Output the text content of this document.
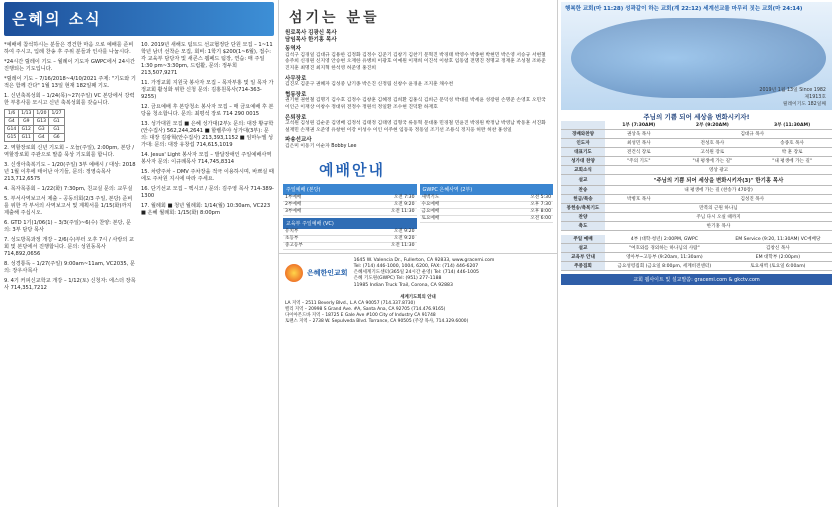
은혜의 소식
*예배에 참석하시는 분들은 경건한 마음 으로 예배를 준비하여 주시고, 입례 찬송 후 주위 분들과 인사를 나눕시다.
*24시간 릴레이 기도 – 월례이 기도자 GWPC에서 24시간 진행되는 기도입니다.
*릴레이 기도 – 7/16/2018~4/10/2021 주제: "기도와 기적은 함께 간다" 1월 13일 현재 182일째 기도.
1. 신년축복성회 – 1/24(목)~27(주일) VC 본당에서 강력한 부흥사를 모시고 신년 축복성회를 갖습니다.
1/6	1/13	1/20	1/27
G4	G9	G13	G1
G14	G12	G3	G1
G15	G11	G4	G6
2. 역할장로회 신년 기도회 – 오늘(주일), 2:00pm, 본당 / 역할장로회 주관으로 말씀 묵상 기도회를 합니다.
3. 신생아축복기도 – 1/20(주일) 3부 예배시 / 대상: 2018년 1월 이후에 태어난 아기들, 문의: 정영숙목사 213,712,6575
4. 목자목종회 – 1/22(화) 7:30pm, 친교실 문의: 교무실
5. 부서사역보고서 제출 – 공동의회(2/3 주일, 본당) 준비를 위한 각 부서의 사역보고서 및 계획서를 1/15(화)까지 제출해 주십시오.
6. GTD 1기(1/06(1) – 3/3(주일)~6(수) 찬양: 본당, 문의: 3부 담당 목사
7. 성도방목과정 개강 – 2/6(수)부터 오후 7시 / 사랑의 교회 및 본당에서 진행합니다. 문의: 성원동목사 714,892,0656
8. 성경통독 – 1/27(주일) 9:00am~11am, VC2035, 문의: 장우사목사
9. 4기 커피신교학교 개강 – 1/12(토) 신청자: 에스더 장목사 714,351,7212
10. 2019년 새해도 팀트드 선교협정단 단원 모집 – 1~11학년 남녀 선착순 모집, 회비: 1학기 $200(1~6월), 접수: 각 교육부 담당자 및 새콘스 웹페드 팀장, 연습: 매 주일 1:30 pm~3:30pm, 드럼활, 문의: 정두희 213,507,9271
11. 가정교회 지원국 봉사자 모집 – 목자부홍 및 일 목자 가정교회 활성화 위한 신청 문의: 김홍원목사(714-363-9255)
12. 금요예배 후 본당청소 봉사자 모집 – 매 금요예배 후 본당을 청소합니다. 문의: 최평석 장로 714 290 0015
13. 성가대원 모집 ■ 은혜 성가대(2부): 문의: 대장 황규학(안수집사) 562,244,2641 ■ 할렐루야 성가대(3부): 문의: 대장 김광혁(안수집사) 213,393,1152 ■ 임마누엘 성가대: 문의: 대장 유창섭 714,615,1019
14. Jesus' Light 봉사자 모집 – 발달장애인 주일예배사역 봉사자 문의: 이규례목사 714,745,8314
15. 차량주차 – DMV 주차장을 적극 이용하시며, 바쁘실 때에도 주차원 지시에 따라 주세요.
16. 단기선교 모집 – 멕시코 / 문의: 김주영 목사 714-389-1300
17. 월례회 ■ 청년 월례회: 1/14(월) 10:30am, VC223 ■ 은혜 월례회: 1/15(화) 8:00pm
섬기는 분들
원로목사 김광신 목사
담임목사 한기홍 목사
동역자
김석구 김경일 김대규 김용한 김정화 김정수 김준기 김창기 김찬기 문혁진 박경태 박영수 박종현 박현민 박은영 서승규 서현철 송주희 신경원 신지영 안승현 오재한 유병희 이광호 이예원 이재희 이진석 이창호 임동엽 전명진 정명교 정재훈 조성철 조하준 진지훈 최명진 최지혁 한석영 허준영 홍진희
사무장로
김진모 김준구 권혜자 김성중 남기종 박은진 신정림 신창수 윤경윤 조지훈 채수천
협동장로
권기현 권헌철 김명기 김수호 김정수 김창훈 김혜정 김희환 김홍식 김희근 문덕성 박대길 박세윤 성장원 손명준 손영호 오민국 이인근 이재상 이창수 정대위 전정수 정원석 정일환 조수현 진덕환 하재호
은퇴장로
고석원 김성원 김순준 김영배 김정석 김태정 김태영 김형국 류동혁 문대홍 민경철 민윤진 박경원 박정남 박영남 박동훈 서진화 설재민 손재권 오준영 유창현 이강 이성수 이인 이주현 임동욱 정동일 조기선 조용식 정지웅 허완 허찬 홍성일
파송선교사
김은미 이동기 이순자 Bobby Lee
예배안내
주일예배 (본당)
1부예배	오전 7:30
2부예배	오전 9:20
3부예배	오전 11:30
교육부 주일예배 (VC)
유치부	오전 9:20
초등부	오전 9:20
중고등부	오전 11:30
GWPC 은혜사역 (2부)
새벽기도	오전 5:30
수요예배	오후 7:30
금요예배	오후 8:00
토요예배	오전 6:00
은혜한인교회
1645 W. Valencia Dr., Fullerton, CA 92833, www.gracemi.com
Tel: (714) 446-1000, 1004, 6200, FAX: (714) 446-6207
은혜세계기도센터(365일 24시간 운영) Tel: (714) 446-1005
은혜 기도원(GWPC) Tel: (951) 277-1188
11985 Indian Truck Trail, Corona, CA 92883
세계기도회의 안내
LA 지역 – 2511 Beverly Blvd., L.A CA 90057 (714.337.8730)
밸리 지역 – 20998 S Grand Ave. #A, Santa Ana, CA 92705 (714.476.9165)
다이아몬드바 지역 – 18725 E Gale Ave #100 City of Industry CA 91748
토랜스 지역 – 2738 W. Sepulveda Blvd. Torrance, CA 90505 (주장 목사, 714.329.6000)
행복한 교회(마 11:28) 성곽같이 하는 교회(계 22:12) 세계선교를 마무리 짓는 교회(마 24:14)
2019년 1월 13일 Since 1982
제1913호
릴레이기도 182일째
주님의 기쁨 되어 세상을 변화시키자!
	1부 (7:30AM)	2부 (9:20AM)	3부 (11:30AM)
경배와찬양	권상욱 목사	김대규 목사	
인도자	최성민 목사	전성호 목사	송종호 목사
대표기도	전건식 장로	고석원 장로	박 훈 장로
성가대 찬양	"주의 기도"	"내 평생에 가는 길"	"내 평생에 가는 길"
교회소식	영상 광고		
설교	"주님의 기쁨 되어 세상을 변화시키자(3)" 한기홍 목사		
찬송	내 평생에 가는 길 (찬송가 470장)		
헌금/특송	박병호 목사	김성진 목사	
봉헌송/축복기도	만복의 근원 하나님		
찬양	주님 다시 오실 때까지		
축도	한기홍 목사		
주일 예배	4부 (대학·청년) 2:00PM, GWPC	EM Service (9:20, 11:30AM) VC예배당
설교	"여호와를 경외하는 하나님의 사람"	김창신 목사
교육부 안내	영아부~고등부 (9:20am, 11:30am)	EM 대학부 (2:00pm)
주중집회	금요성령집회 (금요일 8:00pm, 세계비전센터)	토요새벽 (토요일 6:00am)
교회 웹사이트 및 설교말씀: gracemi.com & gkctv.com
